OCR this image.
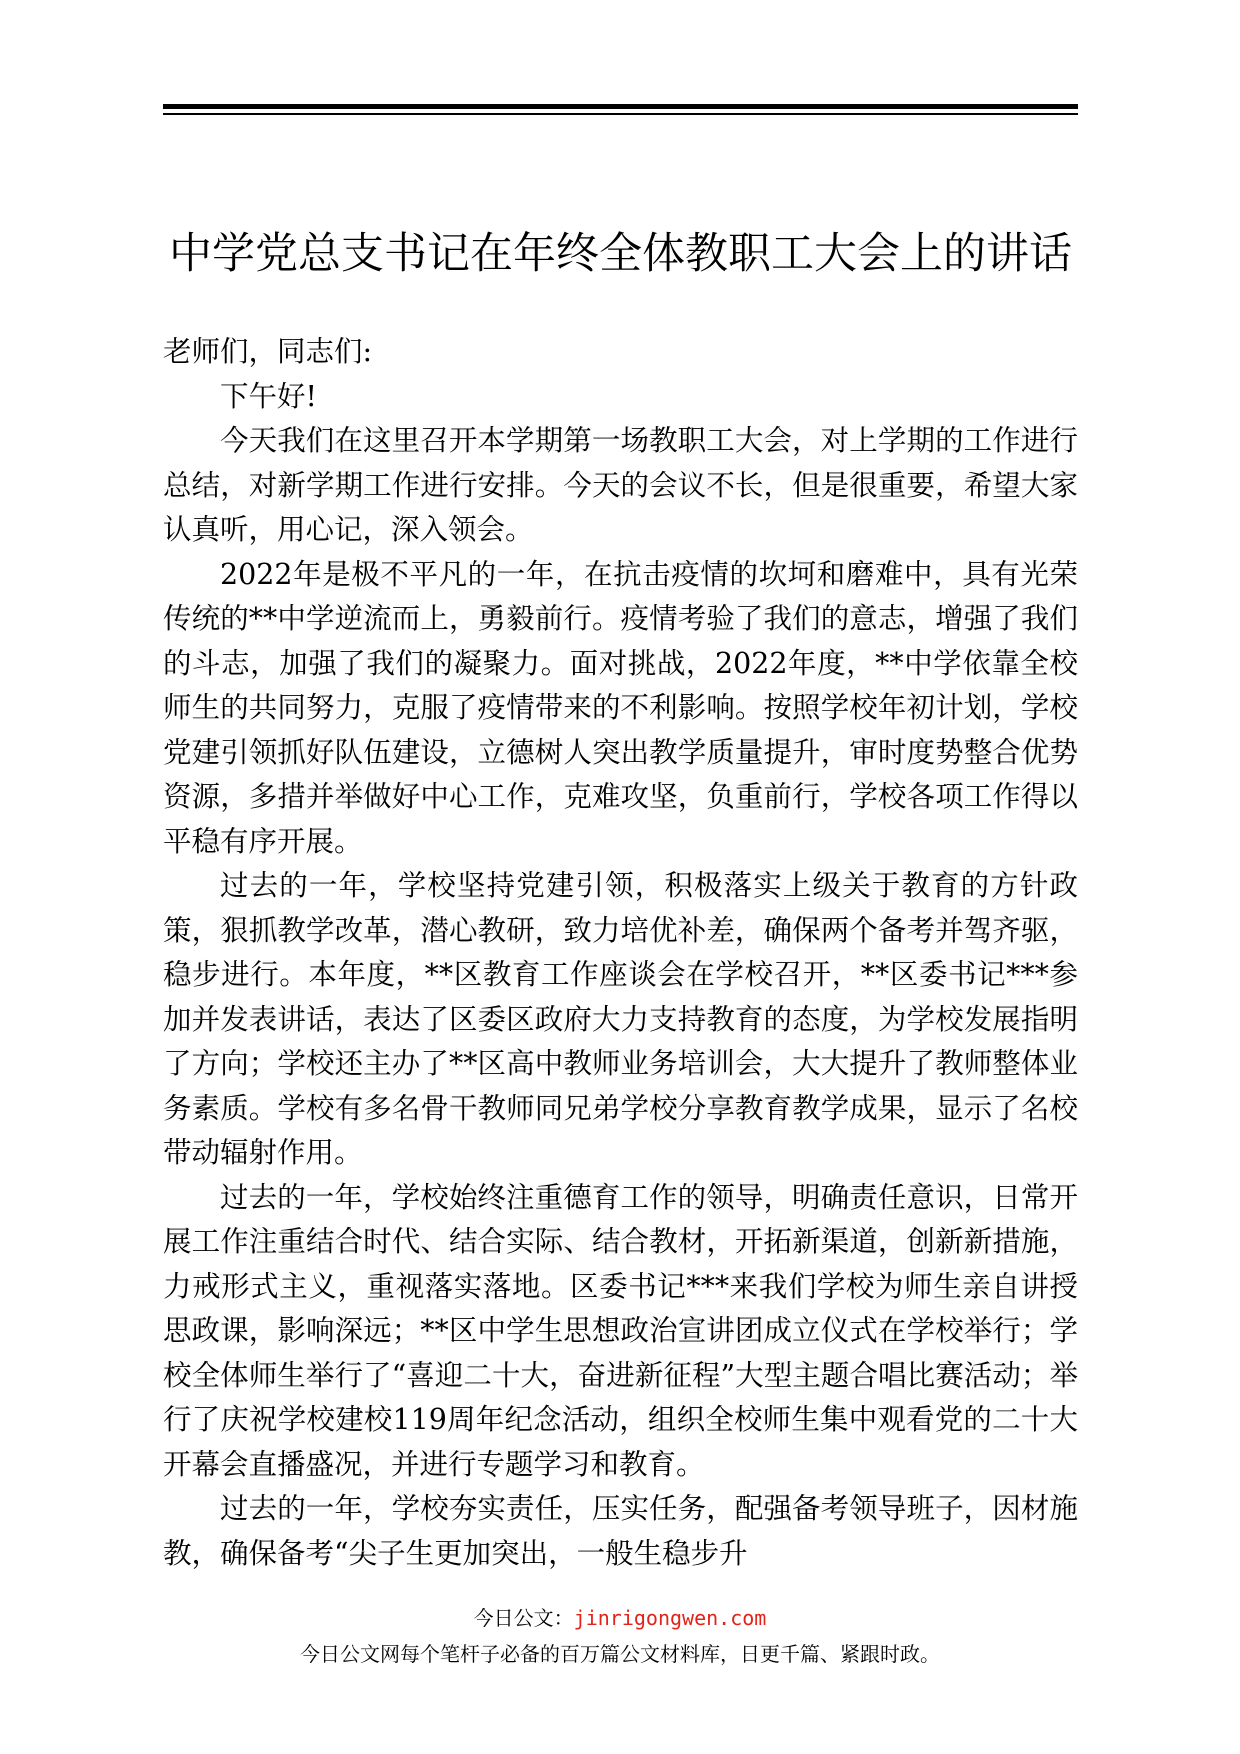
中学党总支书记在年终全体教职工大会上的讲话

老师们，同志们:

下午好!

今天我们在这里召开本学期第一场教职工大会，对上学期的工作进行总结，对新学期工作进行安排。今天的会议不长，但是很重要，希望大家认真听，用心记，深入领会。

2022年是极不平凡的一年，在抗击疫情的坎坷和磨难中，具有光荣传统的**中学逆流而上，勇毅前行。疫情考验了我们的意志，增强了我们的斗志，加强了我们的凝聚力。面对挑战，2022年度，**中学依靠全校师生的共同努力，克服了疫情带来的不利影响。按照学校年初计划，学校党建引领抓好队伍建设，立德树人突出教学质量提升，审时度势整合优势资源，多措并举做好中心工作，克难攻坚，负重前行，学校各项工作得以平稳有序开展。

过去的一年，学校坚持党建引领，积极落实上级关于教育的方针政策，狠抓教学改革，潜心教研，致力培优补差，确保两个备考并驾齐驱，稳步进行。本年度，**区教育工作座谈会在学校召开，**区委书记***参加并发表讲话，表达了区委区政府大力支持教育的态度，为学校发展指明了方向；学校还主办了**区高中教师业务培训会，大大提升了教师整体业务素质。学校有多名骨干教师同兄弟学校分享教育教学成果，显示了名校带动辐射作用。

过去的一年，学校始终注重德育工作的领导，明确责任意识，日常开展工作注重结合时代、结合实际、结合教材，开拓新渠道，创新新措施，力戒形式主义，重视落实落地。区委书记***来我们学校为师生亲自讲授思政课，影响深远；**区中学生思想政治宣讲团成立仪式在学校举行；学校全体师生举行了“喜迎二十大，奋进新征程”大型主题合唱比赛活动；举行了庆祝学校建校119周年纪念活动，组织全校师生集中观看党的二十大开幕会直播盛况，并进行专题学习和教育。

过去的一年，学校夯实责任，压实任务，配强备考领导班子，因材施教，确保备考“尖子生更加突出，一般生稳步升

今日公文：jinrigongwen.com
今日公文网每个笔杆子必备的百万篇公文材料库，日更千篇、紧跟时政。
